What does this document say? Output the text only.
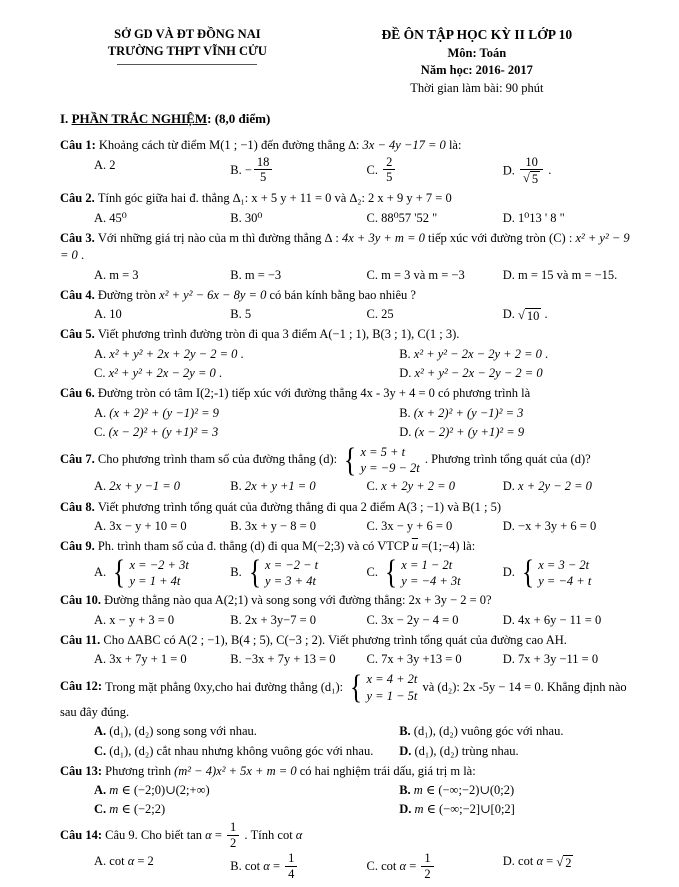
SỞ GD VÀ ĐT ĐỒNG NAI
TRƯỜNG THPT VĨNH CỬU
ĐỀ ÔN TẬP HỌC KỲ II LỚP 10
Môn: Toán
Năm học: 2016- 2017
Thời gian làm bài: 90 phút
I. PHẦN TRẮC NGHIỆM: (8,0 điểm)
Câu 1: Khoảng cách từ điểm M(1 ; −1) đến đường thẳng ∆: 3x − 4y −17 = 0 là:
A. 2	B. − $\frac{18}{5}$	C. $\frac{2}{5}$	D. $\frac{10}{√ 5}$ .
Câu 2. Tính góc giữa hai đ. thẳng ∆₁: x + 5 y + 11 = 0 và ∆₂: 2 x + 9 y + 7 = 0
A. 45⁰	B. 30⁰	C. 88⁰57 '52 "	D. 1⁰13 ' 8 "
Câu 3. Với những giá trị nào của m thì đường thẳng ∆ : 4x + 3y + m = 0 tiếp xúc với đường tròn (C) : x² + y² − 9 = 0 .
A. m = 3	B. m = −3	C. m = 3 và m = −3	D. m = 15 và m = −15.
Câu 4. Đường tròn x² + y² − 6x − 8y = 0 có bán kính bằng bao nhiêu ?
A. 10	B. 5	C. 25	D. √ 10 .
Câu 5. Viết phương trình đường tròn đi qua 3 điểm A(−1 ; 1), B(3 ; 1), C(1 ; 3).
A. x² + y² + 2x + 2y − 2 = 0 .	B. x² + y² − 2x − 2y + 2 = 0 .
C. x² + y² + 2x − 2y = 0 .	D. x² + y² − 2x − 2y − 2 = 0
Câu 6. Đường tròn có tâm I(2;-1) tiếp xúc với đường thẳng 4x - 3y + 4 = 0 có phương trình là
A. (x + 2)² + (y −1)² = 9	B. (x + 2)² + (y −1)² = 3
C. (x − 2)² + (y +1)² = 3	D. (x − 2)² + (y +1)² = 9
Câu 7. Cho phương trình tham số của đường thẳng (d): { x = 5 + t
y = −9 − 2t
. Phương trình tổng quát của (d)?
A. 2x + y −1 = 0	B. 2x + y +1 = 0	C. x + 2y + 2 = 0	D. x + 2y − 2 = 0
Câu 8. Viết phương trình tổng quát của đường thẳng đi qua 2 điểm A(3 ; −1) và B(1 ; 5)
A. 3x − y + 10 = 0	B. 3x + y − 8 = 0	C. 3x − y + 6 = 0	D. −x + 3y + 6 = 0
Câu 9. Ph. trình tham số của đ. thẳng (d) đi qua M(−2;3) và có VTCP $\overline{u}$ =(1;−4) là:
A. { x = −2 + 3t
y = 1 + 4t
B. { x = −2 − t
y = 3 + 4t
C. { x = 1 − 2t
y = −4 + 3t
D. { x = 3 − 2t
y = −4 + t
Câu 10. Đường thẳng nào qua A(2;1) và song song với đường thẳng: 2x + 3y − 2 = 0?
A. x − y + 3 = 0	B. 2x + 3y−7 = 0	C. 3x − 2y − 4 = 0	D. 4x + 6y − 11 = 0
Câu 11. Cho ∆ABC có A(2 ; −1), B(4 ; 5), C(−3 ; 2). Viết phương trình tổng quát của đường cao AH.
A. 3x + 7y + 1 = 0	B. −3x + 7y + 13 = 0	C. 7x + 3y +13 = 0	D. 7x + 3y −11 = 0
Câu 12: Trong mặt phẳng 0xy,cho hai đường thẳng (d₁): { x = 4 + 2t
y = 1 − 5t
và (d₂): 2x -5y − 14 = 0. Khẳng định nào
sau đây đúng.
A. (d₁), (d₂) song song với nhau.	B. (d₁), (d₂) vuông góc với nhau.
C. (d₁), (d₂) cắt nhau nhưng không vuông góc với nhau.	D. (d₁), (d₂) trùng nhau.
Câu 13: Phương trình (m² − 4)x² + 5x + m = 0 có hai nghiệm trái dấu, giá trị m là:
A. m ∈ (−2;0)∪(2;+∞)	B. m ∈ (−∞;−2)∪(0;2)
C. m ∈ (−2;2)	D. m ∈ (−∞;−2]∪[0;2]
Câu 14: Câu 9. Cho biết $\tan \alpha = \frac{1}{2}$ . Tính cot α
A. cot α = 2	B. $\cot \alpha = \frac{1}{4}$	C. $\cot \alpha = \frac{1}{2}$	D. cot α = √ 2
